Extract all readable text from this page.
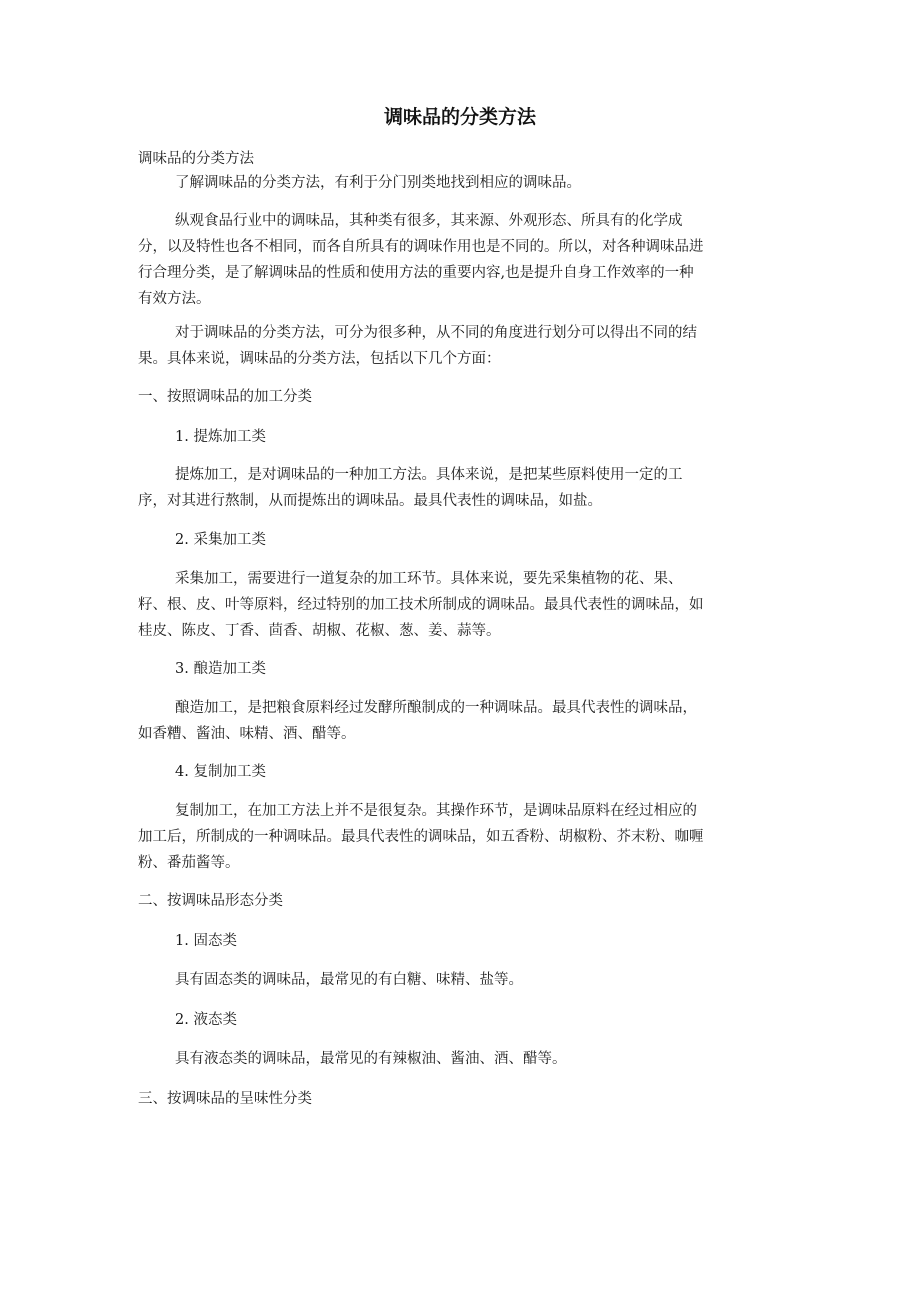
调味品的分类方法

调味品的分类方法

了解调味品的分类方法，有利于分门别类地找到相应的调味品。

纵观食品行业中的调味品，其种类有很多，其来源、外观形态、所具有的化学成
分，以及特性也各不相同，而各自所具有的调味作用也是不同的。所以，对各种调味品进
行合理分类，是了解调味品的性质和使用方法的重要内容,也是提升自身工作效率的一种
有效方法。

对于调味品的分类方法，可分为很多种，从不同的角度进行划分可以得出不同的结
果。具体来说，调味品的分类方法，包括以下几个方面：

一、按照调味品的加工分类

1. 提炼加工类

提炼加工，是对调味品的一种加工方法。具体来说，是把某些原料使用一定的工
序，对其进行熬制，从而提炼出的调味品。最具代表性的调味品，如盐。

2. 采集加工类

采集加工，需要进行一道复杂的加工环节。具体来说，要先采集植物的花、果、
籽、根、皮、叶等原料，经过特别的加工技术所制成的调味品。最具代表性的调味品，如
桂皮、陈皮、丁香、茴香、胡椒、花椒、葱、姜、蒜等。

3. 酿造加工类

酿造加工，是把粮食原料经过发酵所酿制成的一种调味品。最具代表性的调味品，
如香糟、酱油、味精、酒、醋等。

4. 复制加工类

复制加工，在加工方法上并不是很复杂。其操作环节，是调味品原料在经过相应的
加工后，所制成的一种调味品。最具代表性的调味品，如五香粉、胡椒粉、芥末粉、咖喱
粉、番茄酱等。

二、按调味品形态分类

1. 固态类

具有固态类的调味品，最常见的有白糖、味精、盐等。

2. 液态类

具有液态类的调味品，最常见的有辣椒油、酱油、酒、醋等。

三、按调味品的呈味性分类
